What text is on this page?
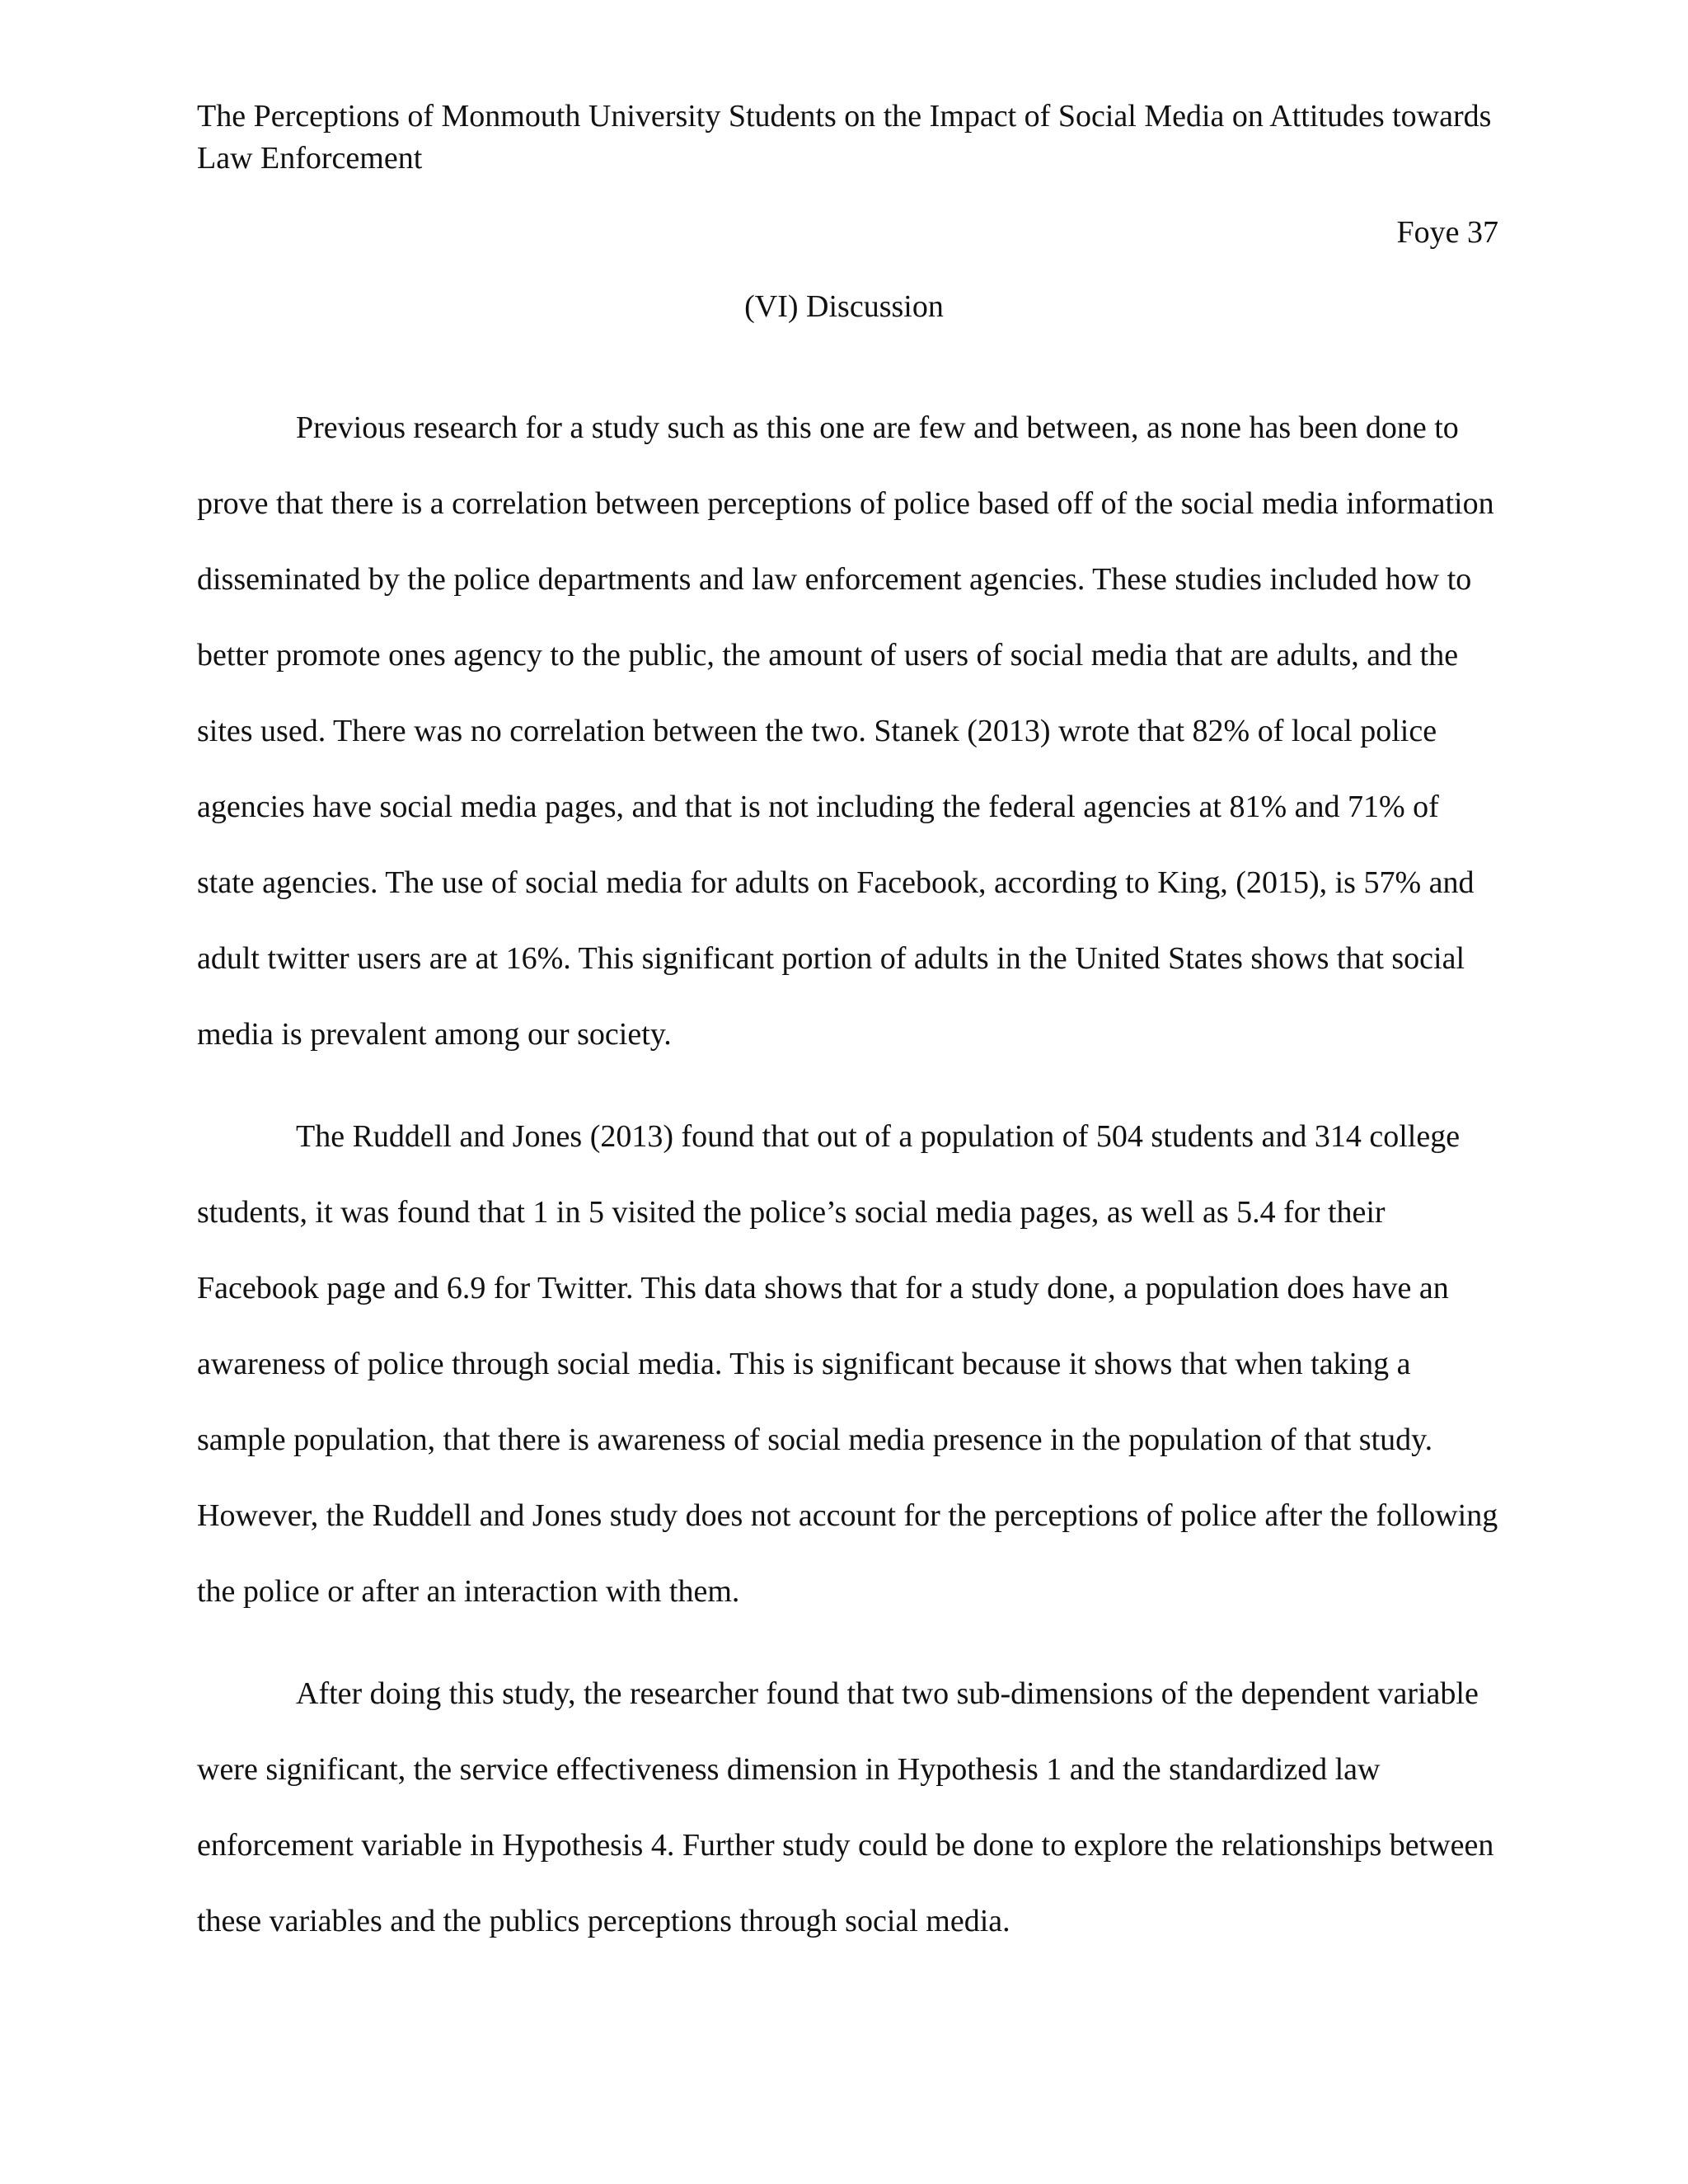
The Perceptions of Monmouth University Students on the Impact of Social Media on Attitudes towards Law Enforcement

Foye 37

(VI) Discussion

Previous research for a study such as this one are few and between, as none has been done to prove that there is a correlation between perceptions of police based off of the social media information disseminated by the police departments and law enforcement agencies. These studies included how to better promote ones agency to the public, the amount of users of social media that are adults, and the sites used. There was no correlation between the two. Stanek (2013) wrote that 82% of local police agencies have social media pages, and that is not including the federal agencies at 81% and 71% of state agencies. The use of social media for adults on Facebook, according to King, (2015), is 57% and adult twitter users are at 16%. This significant portion of adults in the United States shows that social media is prevalent among our society.

The Ruddell and Jones (2013) found that out of a population of 504 students and 314 college students, it was found that 1 in 5 visited the police’s social media pages, as well as 5.4 for their Facebook page and 6.9 for Twitter. This data shows that for a study done, a population does have an awareness of police through social media. This is significant because it shows that when taking a sample population, that there is awareness of social media presence in the population of that study. However, the Ruddell and Jones study does not account for the perceptions of police after the following the police or after an interaction with them.

After doing this study, the researcher found that two sub-dimensions of the dependent variable were significant, the service effectiveness dimension in Hypothesis 1 and the standardized law enforcement variable in Hypothesis 4. Further study could be done to explore the relationships between these variables and the publics perceptions through social media.
